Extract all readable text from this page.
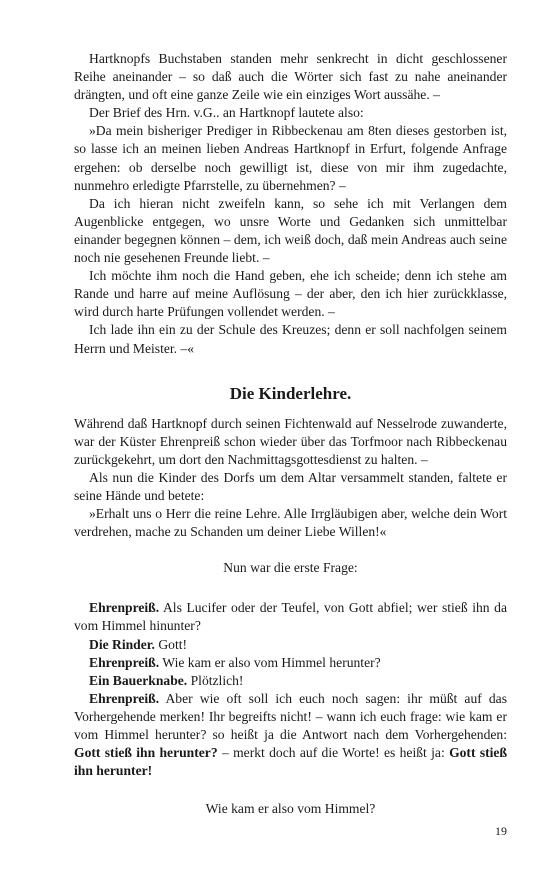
Hartknopfs Buchstaben standen mehr senkrecht in dicht geschlossener Reihe aneinander – so daß auch die Wörter sich fast zu nahe aneinander drängten, und oft eine ganze Zeile wie ein einziges Wort aussähe. –

Der Brief des Hrn. v.G.. an Hartknopf lautete also:

»Da mein bisheriger Prediger in Ribbeckenau am 8ten dieses gestorben ist, so lasse ich an meinen lieben Andreas Hartknopf in Erfurt, folgende Anfrage ergehen: ob derselbe noch gewilligt ist, diese von mir ihm zugedachte, nunmehro erledigte Pfarrstelle, zu übernehmen? –

Da ich hieran nicht zweifeln kann, so sehe ich mit Verlangen dem Augenblicke entgegen, wo unsre Worte und Gedanken sich unmittelbar einander begegnen können – dem, ich weiß doch, daß mein Andreas auch seine noch nie gesehenen Freunde liebt. –

Ich möchte ihm noch die Hand geben, ehe ich scheide; denn ich stehe am Rande und harre auf meine Auflösung – der aber, den ich hier zurückklasse, wird durch harte Prüfungen vollendet werden. –

Ich lade ihn ein zu der Schule des Kreuzes; denn er soll nachfolgen seinem Herrn und Meister. –«

Die Kinderlehre.

Während daß Hartknopf durch seinen Fichtenwald auf Nesselrode zuwanderte, war der Küster Ehrenpreiß schon wieder über das Torfmoor nach Ribbeckenau zurückgekehrt, um dort den Nachmittagsgottesdienst zu halten. –

Als nun die Kinder des Dorfs um dem Altar versammelt standen, faltete er seine Hände und betete:

»Erhalt uns o Herr die reine Lehre. Alle Irrgläubigen aber, welche dein Wort verdrehen, mache zu Schanden um deiner Liebe Willen!«

Nun war die erste Frage:

Ehrenpreiß. Als Lucifer oder der Teufel, von Gott abfiel; wer stieß ihn da vom Himmel hinunter?

Die Rinder. Gott!

Ehrenpreiß. Wie kam er also vom Himmel herunter?

Ein Bauerknabe. Plötzlich!

Ehrenpreiß. Aber wie oft soll ich euch noch sagen: ihr müßt auf das Vorhergehende merken! Ihr begreifts nicht! – wann ich euch frage: wie kam er vom Himmel herunter? so heißt ja die Antwort nach dem Vorhergehenden: Gott stieß ihn herunter? – merkt doch auf die Worte! es heißt ja: Gott stieß ihn herunter!

Wie kam er also vom Himmel?

19
